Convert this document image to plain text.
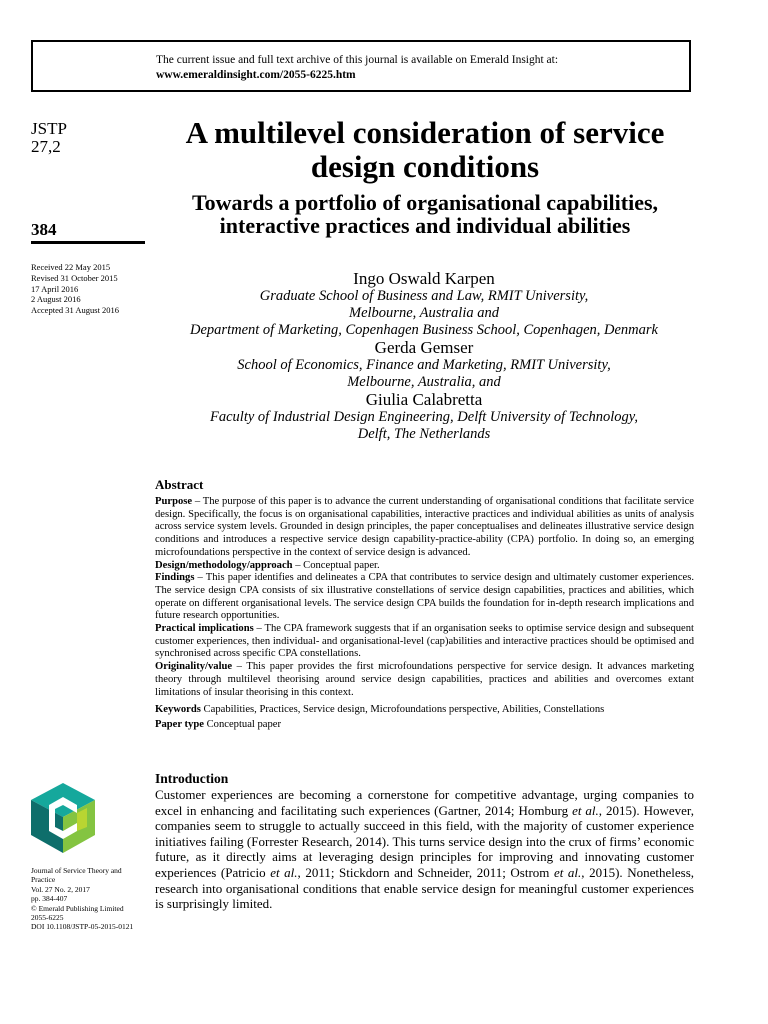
The current issue and full text archive of this journal is available on Emerald Insight at:
www.emeraldinsight.com/2055-6225.htm
JSTP
27,2
384
Received 22 May 2015
Revised 31 October 2015
17 April 2016
2 August 2016
Accepted 31 August 2016
A multilevel consideration of service design conditions
Towards a portfolio of organisational capabilities, interactive practices and individual abilities
Ingo Oswald Karpen
Graduate School of Business and Law, RMIT University,
Melbourne, Australia and
Department of Marketing, Copenhagen Business School, Copenhagen, Denmark
Gerda Gemser
School of Economics, Finance and Marketing, RMIT University,
Melbourne, Australia, and
Giulia Calabretta
Faculty of Industrial Design Engineering, Delft University of Technology,
Delft, The Netherlands
Abstract

Purpose – The purpose of this paper is to advance the current understanding of organisational conditions that facilitate service design. Specifically, the focus is on organisational capabilities, interactive practices and individual abilities as units of analysis across service system levels. Grounded in design principles, the paper conceptualises and delineates illustrative service design conditions and introduces a respective service design capability-practice-ability (CPA) portfolio. In doing so, an emerging microfoundations perspective in the context of service design is advanced.

Design/methodology/approach – Conceptual paper.

Findings – This paper identifies and delineates a CPA that contributes to service design and ultimately customer experiences. The service design CPA consists of six illustrative constellations of service design capabilities, practices and abilities, which operate on different organisational levels. The service design CPA builds the foundation for in-depth research implications and future research opportunities.

Practical implications – The CPA framework suggests that if an organisation seeks to optimise service design and subsequent customer experiences, then individual- and organisational-level (cap)abilities and interactive practices should be optimised and synchronised across specific CPA constellations.

Originality/value – This paper provides the first microfoundations perspective for service design. It advances marketing theory through multilevel theorising around service design capabilities, practices and abilities and overcomes extant limitations of insular theorising in this context.

Keywords Capabilities, Practices, Service design, Microfoundations perspective, Abilities, Constellations
Paper type Conceptual paper
Introduction

Customer experiences are becoming a cornerstone for competitive advantage, urging companies to excel in enhancing and facilitating such experiences (Gartner, 2014; Homburg et al., 2015). However, companies seem to struggle to actually succeed in this field, with the majority of customer experience initiatives failing (Forrester Research, 2014). This turns service design into the crux of firms’ economic future, as it directly aims at leveraging design principles for improving and innovating customer experiences (Patricio et al., 2011; Stickdorn and Schneider, 2011; Ostrom et al., 2015). Nonetheless, research into organisational conditions that enable service design for meaningful customer experiences is surprisingly limited.

Journal of Service Theory and
Practice
Vol. 27 No. 2, 2017
pp. 384-407
© Emerald Publishing Limited
2055-6225
DOI 10.1108/JSTP-05-2015-0121
